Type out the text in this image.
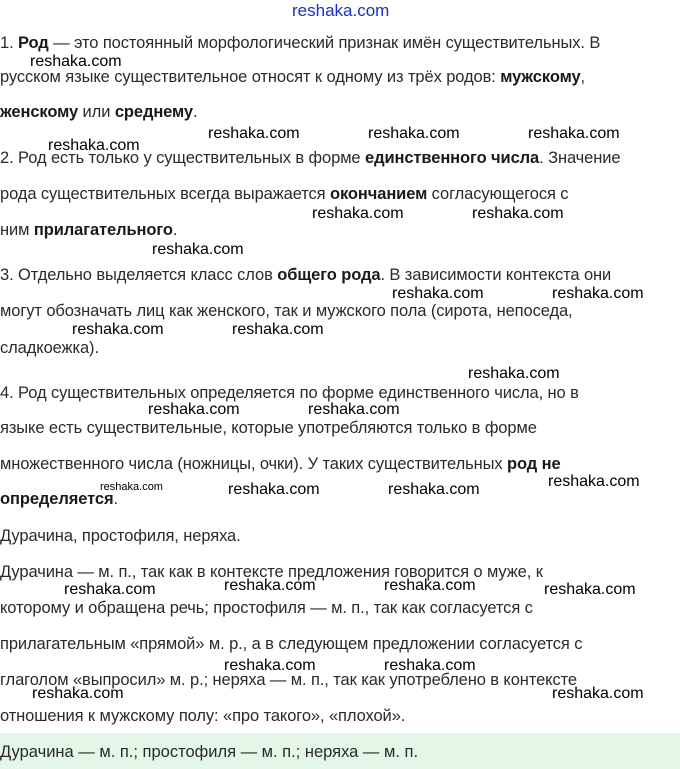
reshaka.com
1. Род — это постоянный морфологический признак имён существительных. В
русском языке существительное относят к одному из трёх родов: мужскому,
женскому или среднему.
2. Род есть только у существительных в форме единственного числа. Значение
рода существительных всегда выражается окончанием согласующегося с
ним прилагательного.
3. Отдельно выделяется класс слов общего рода. В зависимости контекста они
могут обозначать лиц как женского, так и мужского пола (сирота, непоседа,
сладкоежка).
4. Род существительных определяется по форме единственного числа, но в
языке есть существительные, которые употребляются только в форме
множественного числа (ножницы, очки). У таких существительных род не
определяется.
Дурачина, простофиля, неряха.
Дурачина — м. п., так как в контексте предложения говорится о муже, к
которому и обращена речь; простофиля — м. п., так как согласуется с
прилагательным «прямой» м. р., а в следующем предложении согласуется с
глаголом «выпросил» м. р.; неряха — м. п., так как употреблено в контексте
отношения к мужскому полу: «про такого», «плохой».
Дурачина — м. п.; простофиля — м. п.; неряха — м. п.
reshaka.com
reshaka.com
reshaka.com	reshaka.com	reshaka.com
reshaka.com	reshaka.com
reshaka.com
reshaka.com	reshaka.com
reshaka.com	reshaka.com
reshaka.com
reshaka.com	reshaka.com
reshaka.com	reshaka.com	reshaka.com	reshaka.com
reshaka.com	reshaka.com
reshaka.com	reshaka.com
reshaka.com	reshaka.com
reshaka.com	reshaka.com
